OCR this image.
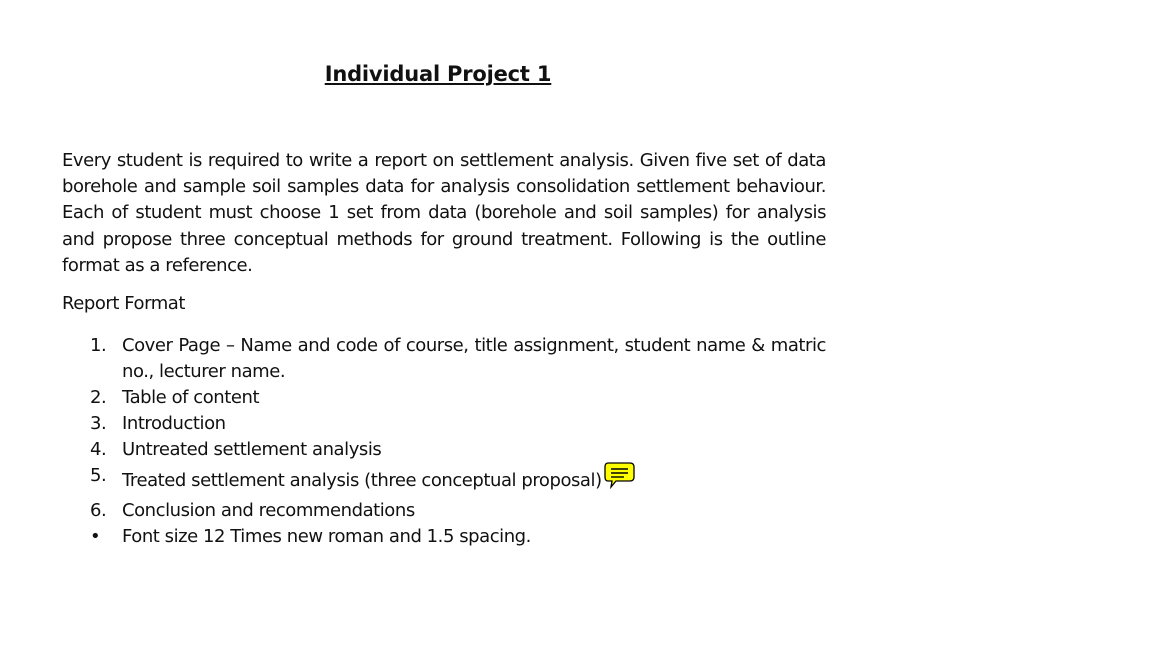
Individual Project 1
Every student is required to write a report on settlement analysis. Given five set of data borehole and sample soil samples data for analysis consolidation settlement behaviour. Each of student must choose 1 set from data (borehole and soil samples) for analysis and propose three conceptual methods for ground treatment. Following is the outline format as a reference.
Report Format
1. Cover Page – Name and code of course, title assignment, student name & matric no., lecturer name.
2. Table of content
3. Introduction
4. Untreated settlement analysis
5. Treated settlement analysis (three conceptual proposal)
6. Conclusion and recommendations
• Font size 12 Times new roman and 1.5 spacing.
